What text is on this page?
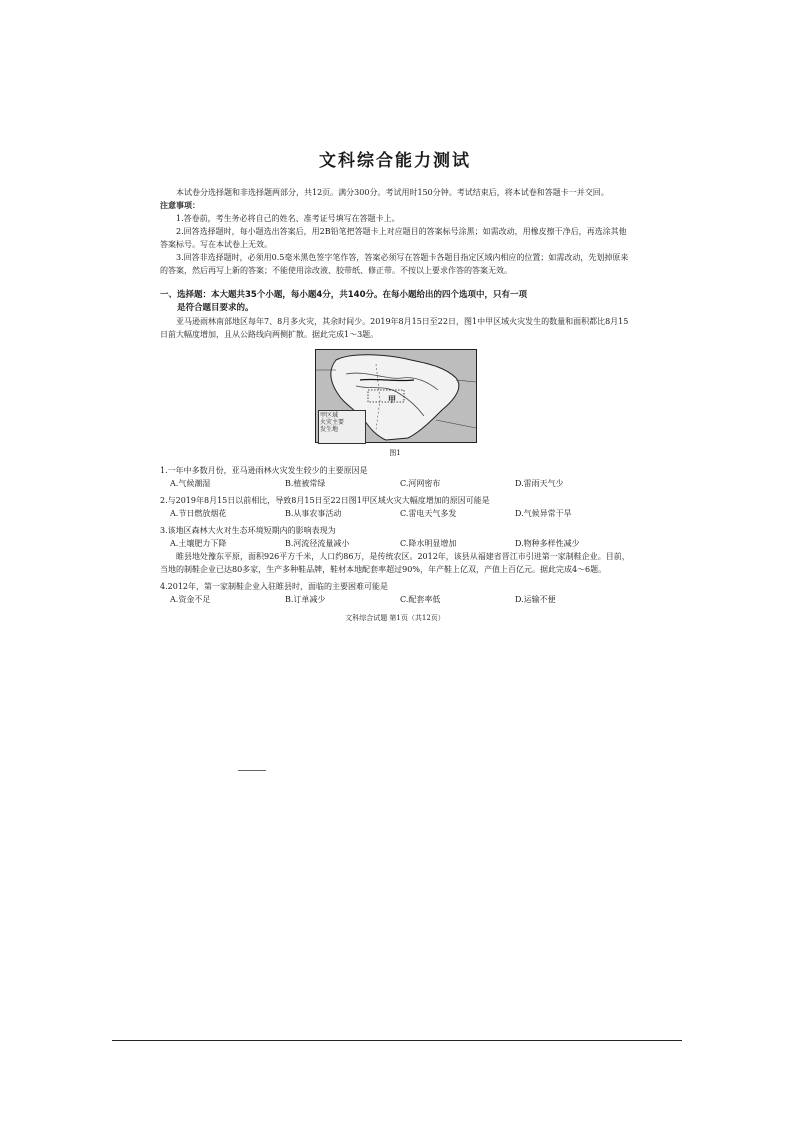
文科综合能力测试

本试卷分选择题和非选择题两部分，共12页。满分300分。考试用时150分钟。考试结束后，将本试卷和答题卡一并交回。

注意事项：

1.答卷前，考生务必将自己的姓名、准考证号填写在答题卡上。

2.回答选择题时，每小题选出答案后，用2B铅笔把答题卡上对应题目的答案标号涂黑；如需改动，用橡皮擦干净后，再选涂其他答案标号。写在本试卷上无效。

3.回答非选择题时，必须用0.5毫米黑色签字笔作答，答案必须写在答题卡各题目指定区域内相应的位置；如需改动，先划掉原来的答案，然后再写上新的答案；不能使用涂改液、胶带纸、修正带。不按以上要求作答的答案无效。

一、选择题：本大题共35个小题，每小题4分，共140分。在每小题给出的四个选项中，只有一项
是符合题目要求的。

亚马逊雨林南部地区每年7、8月多火灾，其余时间少。2019年8月15日至22日，图1中甲区域火灾发生的数量和面积都比8月15日前大幅度增加，且从公路线向两侧扩散。据此完成1～3题。

甲
甲区域
火灾主要
发生地
图1
1.一年中多数月份，亚马逊雨林火灾发生较少的主要原因是
A.气候潮湿	B.植被常绿	C.河网密布	D.雷雨天气少
2.与2019年8月15日以前相比，导致8月15日至22日图1甲区域火灾大幅度增加的原因可能是
A.节日燃放烟花	B.从事农事活动	C.雷电天气多发	D.气候异常干旱
3.该地区森林大火对生态环境短期内的影响表现为
A.土壤肥力下降	B.河流径流量减小	C.降水明显增加	D.物种多样性减少

睢县地处豫东平原，面积926平方千米，人口约86万，是传统农区。2012年，该县从福建省晋江市引进第一家制鞋企业。目前，当地的制鞋企业已达80多家，生产多种鞋品牌，鞋材本地配套率超过90%，年产鞋上亿双，产值上百亿元。据此完成4～6题。

4.2012年，第一家制鞋企业入驻睢县时，面临的主要困难可能是
A.资金不足	B.订单减少	C.配套率低	D.运输不便
文科综合试题 第1页（共12页）
